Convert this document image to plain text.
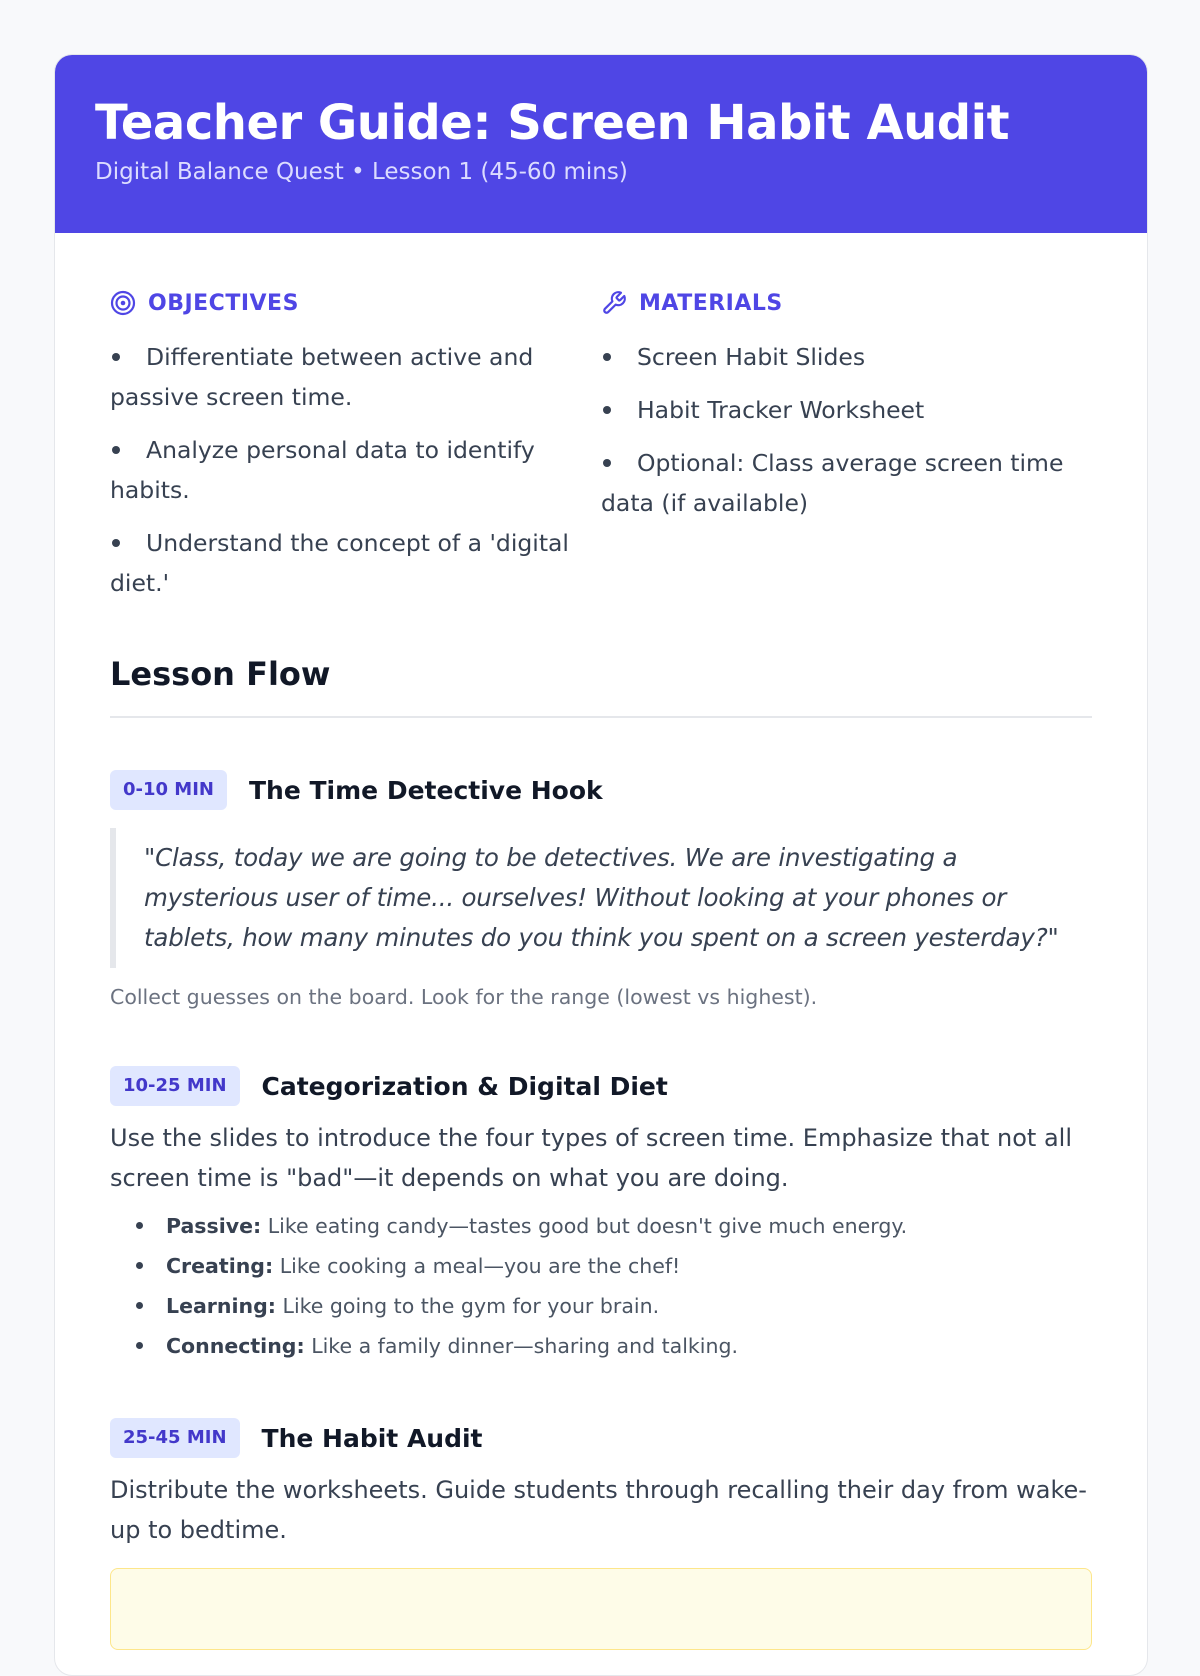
Teacher Guide: Screen Habit Audit
Digital Balance Quest • Lesson 1 (45-60 mins)
OBJECTIVES
Differentiate between active and passive screen time.
Analyze personal data to identify habits.
Understand the concept of a 'digital diet.'
MATERIALS
Screen Habit Slides
Habit Tracker Worksheet
Optional: Class average screen time data (if available)
Lesson Flow
0-10 MIN	The Time Detective Hook
"Class, today we are going to be detectives. We are investigating a mysterious user of time... ourselves! Without looking at your phones or tablets, how many minutes do you think you spent on a screen yesterday?"
Collect guesses on the board. Look for the range (lowest vs highest).
10-25 MIN	Categorization & Digital Diet
Use the slides to introduce the four types of screen time. Emphasize that not all screen time is "bad"—it depends on what you are doing.
Passive: Like eating candy—tastes good but doesn't give much energy.
Creating: Like cooking a meal—you are the chef!
Learning: Like going to the gym for your brain.
Connecting: Like a family dinner—sharing and talking.
25-45 MIN	The Habit Audit
Distribute the worksheets. Guide students through recalling their day from wake-up to bedtime.
